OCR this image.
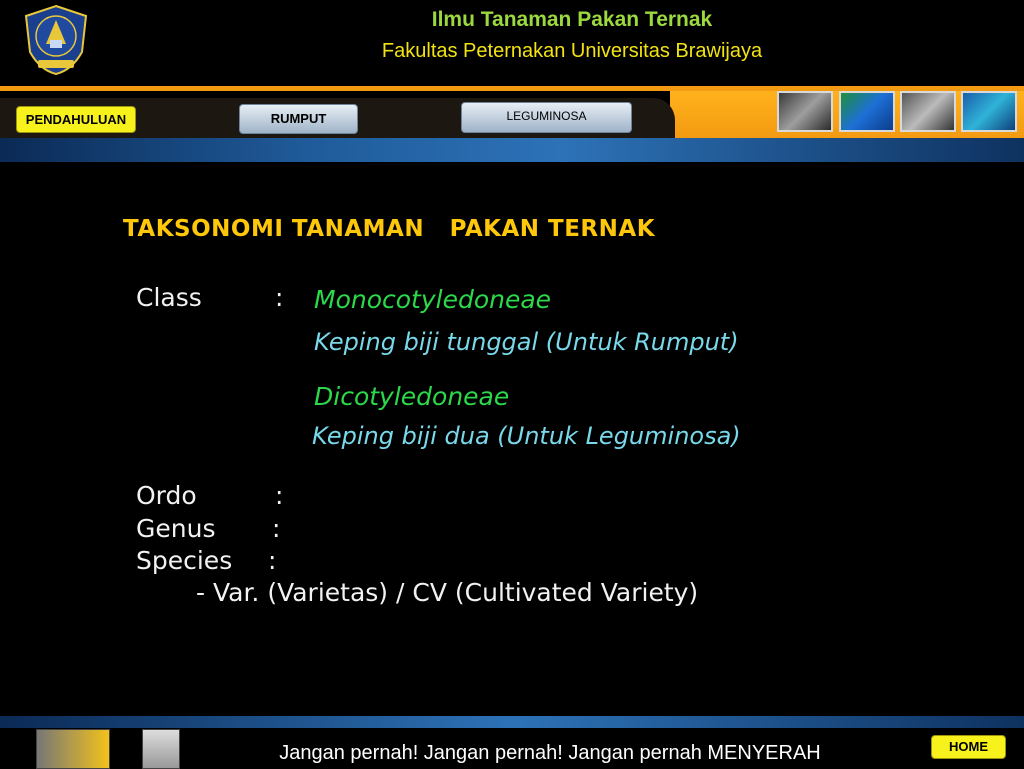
Ilmu Tanaman Pakan Ternak
Fakultas Peternakan Universitas Brawijaya
PENDAHULUAN	RUMPUT	LEGUMINOSA
TAKSONOMI TANAMAN   PAKAN TERNAK
Class	: Monocotyledoneae
Keping biji tunggal (Untuk Rumput)
Dicotyledoneae
Keping biji dua (Untuk Leguminosa)
Ordo	:
Genus :
Species :
- Var. (Varietas) / CV (Cultivated Variety)
Jangan pernah! Jangan pernah! Jangan pernah MENYERAH	HOME
